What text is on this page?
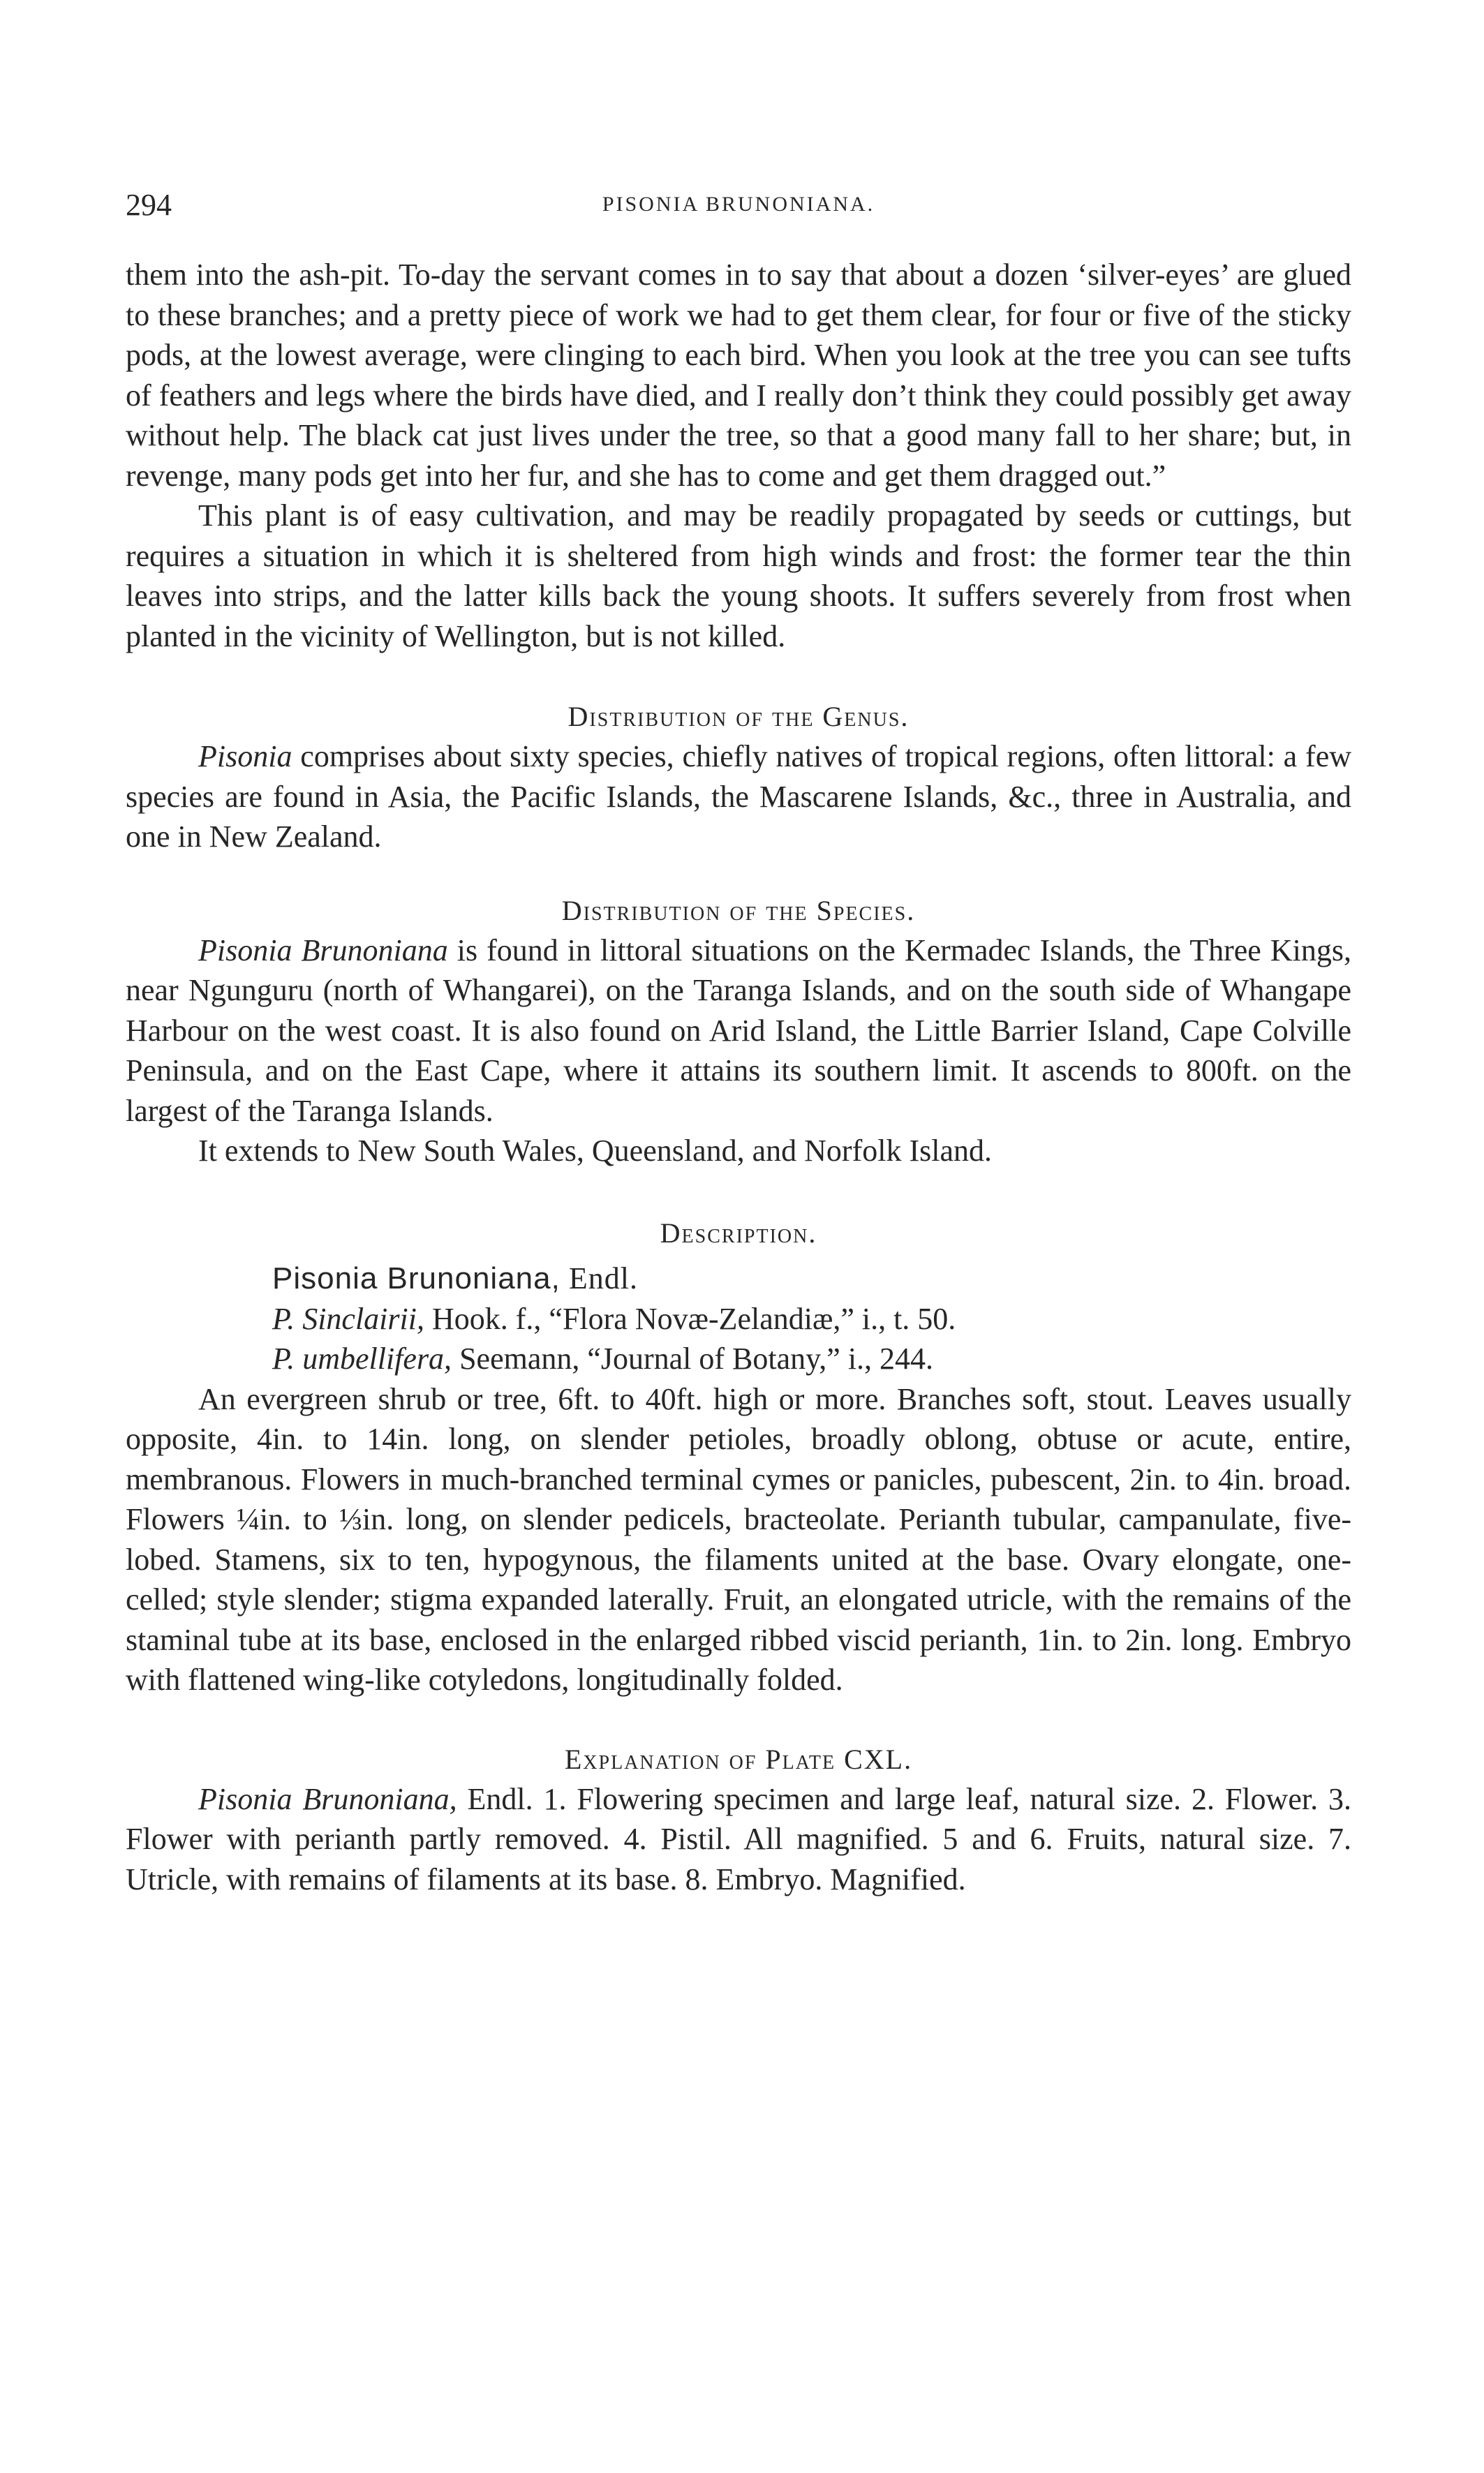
294	PISONIA BRUNONIANA.

them into the ash-pit. To-day the servant comes in to say that about a dozen ‘silver-eyes’ are glued to these branches; and a pretty piece of work we had to get them clear, for four or five of the sticky pods, at the lowest average, were clinging to each bird. When you look at the tree you can see tufts of feathers and legs where the birds have died, and I really don’t think they could possibly get away without help. The black cat just lives under the tree, so that a good many fall to her share; but, in revenge, many pods get into her fur, and she has to come and get them dragged out.”

This plant is of easy cultivation, and may be readily propagated by seeds or cuttings, but requires a situation in which it is sheltered from high winds and frost: the former tear the thin leaves into strips, and the latter kills back the young shoots. It suffers severely from frost when planted in the vicinity of Wellington, but is not killed.

Distribution of the Genus.

Pisonia comprises about sixty species, chiefly natives of tropical regions, often littoral: a few species are found in Asia, the Pacific Islands, the Mascarene Islands, &c., three in Australia, and one in New Zealand.

Distribution of the Species.

Pisonia Brunoniana is found in littoral situations on the Kermadec Islands, the Three Kings, near Ngunguru (north of Whangarei), on the Taranga Islands, and on the south side of Whangape Harbour on the west coast. It is also found on Arid Island, the Little Barrier Island, Cape Colville Peninsula, and on the East Cape, where it attains its southern limit. It ascends to 800ft. on the largest of the Taranga Islands.

It extends to New South Wales, Queensland, and Norfolk Island.

Description.
Pisonia Brunoniana, Endl.
P. Sinclairii, Hook. f., “Flora Novæ-Zelandiæ,” i., t. 50.
P. umbellifera, Seemann, “Journal of Botany,” i., 244.

An evergreen shrub or tree, 6ft. to 40ft. high or more. Branches soft, stout. Leaves usually opposite, 4in. to 14in. long, on slender petioles, broadly oblong, obtuse or acute, entire, membranous. Flowers in much-branched terminal cymes or panicles, pubescent, 2in. to 4in. broad. Flowers ¼in. to ⅓in. long, on slender pedicels, bracteolate. Perianth tubular, campanulate, five-lobed. Stamens, six to ten, hypogynous, the filaments united at the base. Ovary elongate, one-celled; style slender; stigma expanded laterally. Fruit, an elongated utricle, with the remains of the staminal tube at its base, enclosed in the enlarged ribbed viscid perianth, 1in. to 2in. long. Embryo with flattened wing-like cotyledons, longitudinally folded.

Explanation of Plate CXL.

Pisonia Brunoniana, Endl. 1. Flowering specimen and large leaf, natural size. 2. Flower. 3. Flower with perianth partly removed. 4. Pistil. All magnified. 5 and 6. Fruits, natural size. 7. Utricle, with remains of filaments at its base. 8. Embryo. Magnified.
